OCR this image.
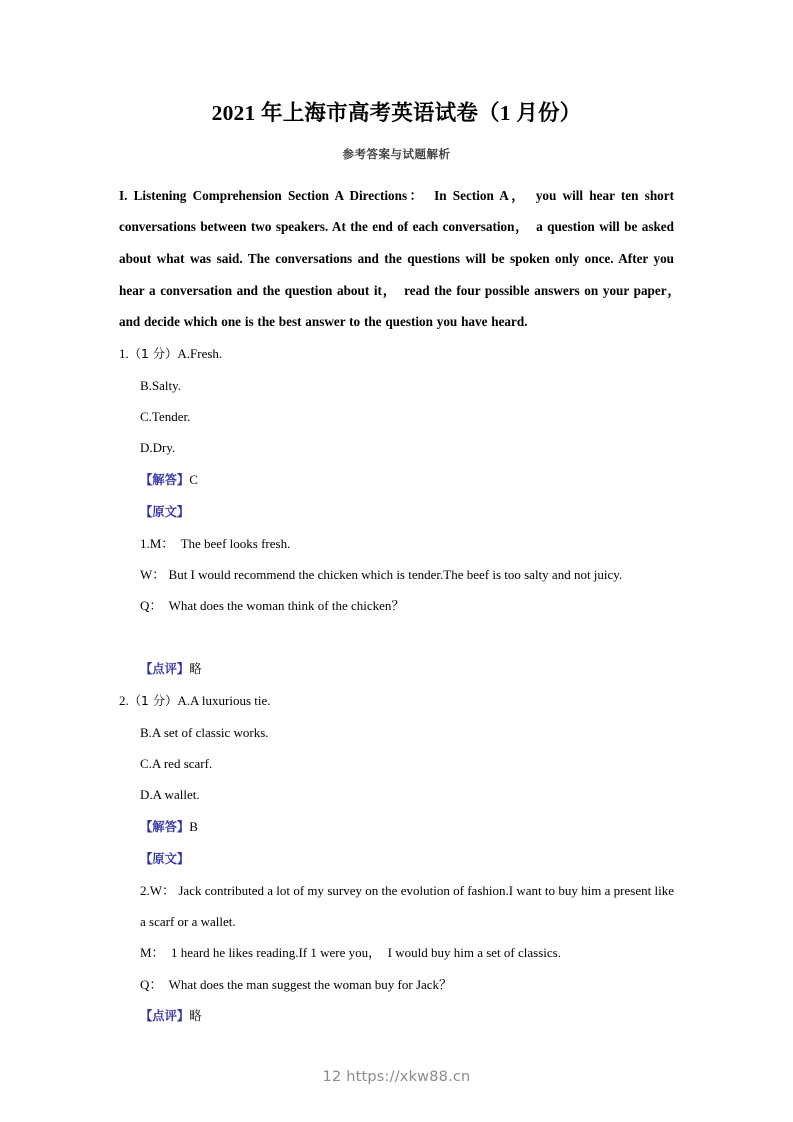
2021 年上海市高考英语试卷（1 月份）
参考答案与试题解析

I. Listening Comprehension Section A Directions：　In Section A，　you will hear ten short conversations between two speakers. At the end of each conversation，　a question will be asked about what was said. The conversations and the questions will be spoken only once. After you hear a conversation and the question about it，　read the four possible answers on your paper，　and decide which one is the best answer to the question you have heard.

1.（1 分）A.Fresh.
B.Salty.
C.Tender.
D.Dry.
【解答】C
【原文】
1.M：  The beef looks fresh.
W： But I would recommend the chicken which is tender.The beef is too salty and not juicy.
Q：  What does the woman think of the chicken？
【点评】略
2.（1 分）A.A luxurious tie.
B.A set of classic works.
C.A red scarf.
D.A wallet.
【解答】B
【原文】
2.W： Jack contributed a lot of my survey on the evolution of fashion.I want to buy him a present like a scarf or a wallet.
M：  1 heard he likes reading.If 1 were you，  I would buy him a set of classics.
Q：  What does the man suggest the woman buy for Jack？
【点评】略
12 https://xkw88.cn
